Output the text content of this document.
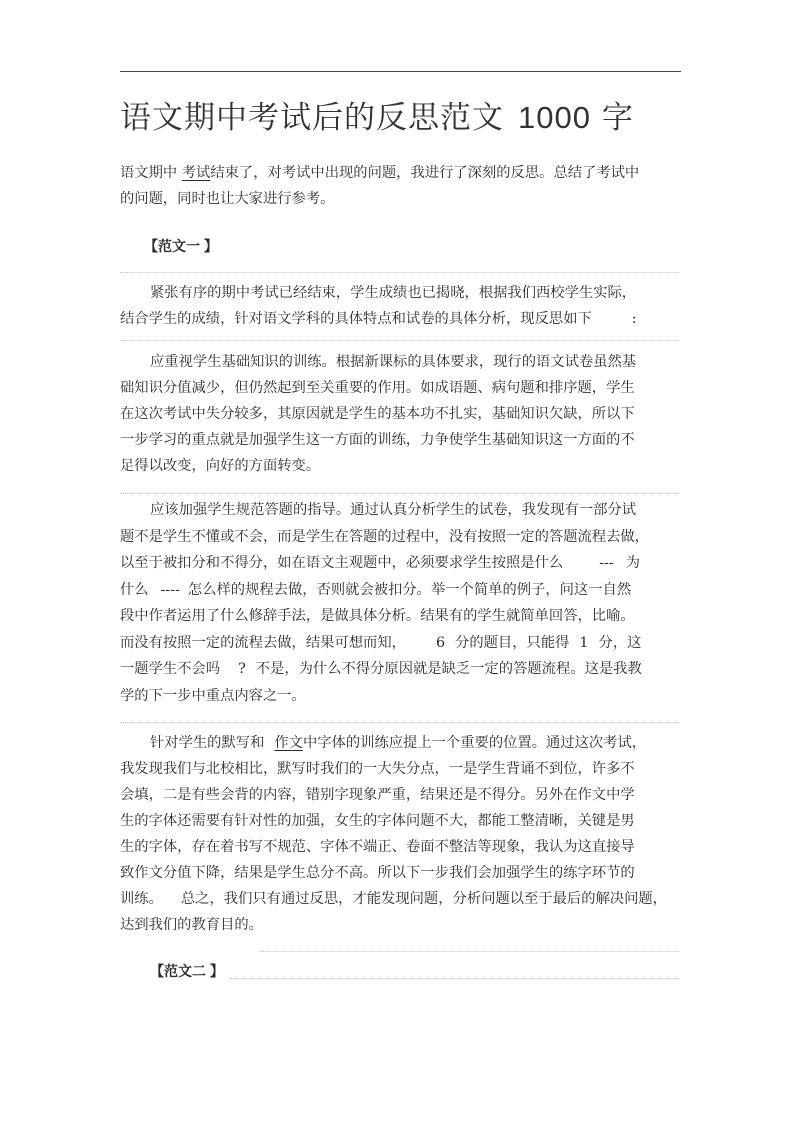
语文期中考试后的反思范文 1000 字
语文期中 考试结束了，对考试中出现的问题，我进行了深刻的反思。总结了考试中
的问题，同时也让大家进行参考。
【范文一 】
紧张有序的期中考试已经结束，学生成绩也已揭晓，根据我们西校学生实际，
结合学生的成绩，针对语文学科的具体特点和试卷的具体分析，现反思如下	:
应重视学生基础知识的训练。根据新课标的具体要求，现行的语文试卷虽然基
础知识分值减少，但仍然起到至关重要的作用。如成语题、病句题和排序题，学生
在这次考试中失分较多，其原因就是学生的基本功不扎实，基础知识欠缺，所以下
一步学习的重点就是加强学生这一方面的训练，力争使学生基础知识这一方面的不
足得以改变，向好的方面转变。
应该加强学生规范答题的指导。通过认真分析学生的试卷，我发现有一部分试
题不是学生不懂或不会，而是学生在答题的过程中，没有按照一定的答题流程去做，
以至于被扣分和不得分，如在语文主观题中，必须要求学生按照是什么	--- 为
什么 ---- 怎么样的规程去做，否则就会被扣分。举一个简单的例子，问这一自然
段中作者运用了什么修辞手法，是做具体分析。结果有的学生就简单回答，比喻。
而没有按照一定的流程去做，结果可想而知， 6 分的题目，只能得 1 分，这
一题学生不会吗 ? 不是，为什么不得分原因就是缺乏一定的答题流程。这是我教
学的下一步中重点内容之一。
针对学生的默写和 作文中字体的训练应提上一个重要的位置。通过这次考试，
我发现我们与北校相比，默写时我们的一大失分点，一是学生背诵不到位，许多不
会填，二是有些会背的内容，错别字现象严重，结果还是不得分。另外在作文中学
生的字体还需要有针对性的加强，女生的字体问题不大，都能工整清晰，关键是男
生的字体，存在着书写不规范、字体不端正、卷面不整洁等现象，我认为这直接导
致作文分值下降，结果是学生总分不高。所以下一步我们会加强学生的练字环节的
训练。 总之，我们只有通过反思，才能发现问题，分析问题以至于最后的解决问题，
达到我们的教育目的。
【范文二 】
